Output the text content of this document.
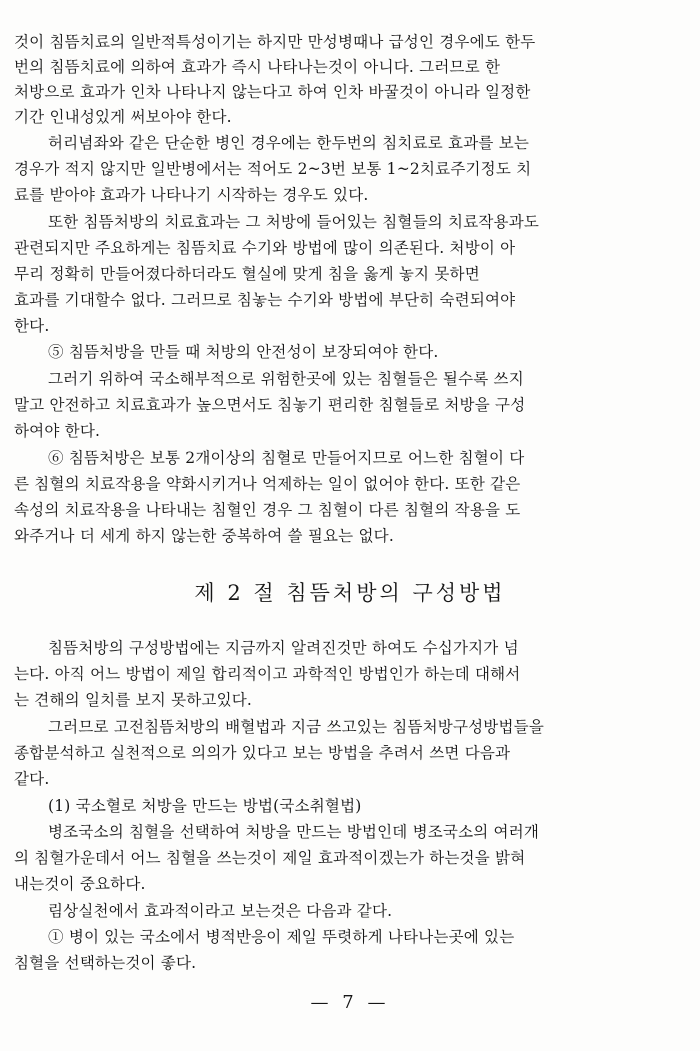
것이 침뜸치료의 일반적특성이기는 하지만 만성병때나 급성인 경우에도 한두
번의 침뜸치료에 의하여 효과가 즉시 나타나는것이 아니다. 그러므로 한
처방으로 효과가 인차 나타나지 않는다고 하여 인차 바꿀것이 아니라 일정한
기간 인내성있게 써보아야 한다.
허리념좌와 같은 단순한 병인 경우에는 한두번의 침치료로 효과를 보는
경우가 적지 않지만 일반병에서는 적어도 2~3번 보통 1~2치료주기정도 치
료를 받아야 효과가 나타나기 시작하는 경우도 있다.
또한 침뜸처방의 치료효과는 그 처방에 들어있는 침혈들의 치료작용과도
관련되지만 주요하게는 침뜸치료 수기와 방법에 많이 의존된다. 처방이 아
무리 정확히 만들어졌다하더라도 혈실에 맞게 침을 옳게 놓지 못하면
효과를 기대할수 없다. 그러므로 침놓는 수기와 방법에 부단히 숙련되여야
한다.
⑤ 침뜸처방을 만들 때 처방의 안전성이 보장되여야 한다.
그러기 위하여 국소해부적으로 위험한곳에 있는 침혈들은 될수록 쓰지
말고 안전하고 치료효과가 높으면서도 침놓기 편리한 침혈들로 처방을 구성
하여야 한다.
⑥ 침뜸처방은 보통 2개이상의 침혈로 만들어지므로 어느한 침혈이 다
른 침혈의 치료작용을 약화시키거나 억제하는 일이 없어야 한다. 또한 같은
속성의 치료작용을 나타내는 침혈인 경우 그 침혈이 다른 침혈의 작용을 도
와주거나 더 세게 하지 않는한 중복하여 쓸 필요는 없다.
제 2 절 침뜸처방의 구성방법
침뜸처방의 구성방법에는 지금까지 알려진것만 하여도 수십가지가 넘
는다. 아직 어느 방법이 제일 합리적이고 과학적인 방법인가 하는데 대해서
는 견해의 일치를 보지 못하고있다.
그러므로 고전침뜸처방의 배혈법과 지금 쓰고있는 침뜸처방구성방법들을
종합분석하고 실천적으로 의의가 있다고 보는 방법을 추려서 쓰면 다음과
같다.
(1) 국소혈로 처방을 만드는 방법(국소취혈법)
병조국소의 침혈을 선택하여 처방을 만드는 방법인데 병조국소의 여러개
의 침혈가운데서 어느 침혈을 쓰는것이 제일 효과적이겠는가 하는것을 밝혀
내는것이 중요하다.
림상실천에서 효과적이라고 보는것은 다음과 같다.
① 병이 있는 국소에서 병적반응이 제일 뚜렷하게 나타나는곳에 있는
침혈을 선택하는것이 좋다.
— 7 —
